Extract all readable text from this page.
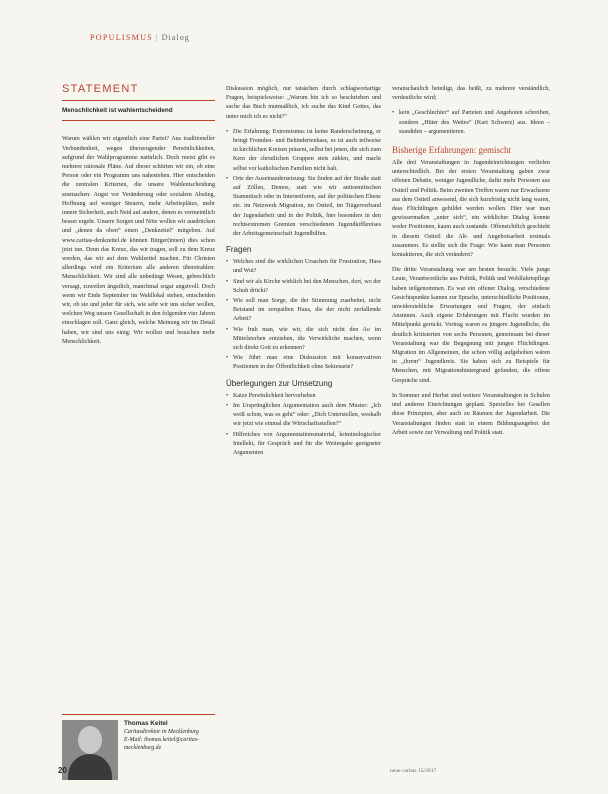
POPULISMUS | Dialog
STATEMENT
Menschlichkeit ist wahlentscheidend

Warum wählen wir eigentlich eine Partei? Aus traditioneller Verbundenheit, wegen überzeugender Persönlichkeiten, aufgrund der Wahlprogramme natürlich. Doch meist gibt es mehrere rationale Pläne. Auf dieser schürten wir ein, ob eine Person oder ein Programm uns nahestehen. Hier entscheiden die zentralen Kriterien, die unsere Wahlentscheidung ausmachen: Angst vor Veränderung oder sozialem Abstieg, Hoffnung auf weniger Steuern, mehr Arbeitsplätze, mehr innere Sicherheit, auch Neid auf andere, denen es vermeintlich besser ergeht. Unsere Sorgen und Nöte wollen wir ausdrücken und „denen da oben“ einen „Denkzettel“ mitgeben. Auf www.caritas-denkzettel.de können Bürger(innen) dies schon jetzt tun. Denn das Kreuz, das wir tragen, soll zu dem Kreuz werden, das wir auf dem Wahlzettel machen. Für Christen allerdings wird ein Kriterium alle anderen überstrahlen: Menschlichkeit. Wir sind alle unbedingt Wesen, gebrechlich versagt, zuweilen ängstlich, manchmal sogar angstvoll. Doch wenn wir Ende September im Wahllokal stehen, entscheiden wir, ob sie und jeder für sich, wie sehr wir uns sicher wollen, welchen Weg unsere Gesellschaft in den folgenden vier Jahren einschlagen soll. Ganz gleich, welche Meinung wir im Detail haben, wir sind uns einig: Wir wollen und brauchen mehr Menschlichkeit.

Thomas Keitel
Caritasdirektor in Mecklenburg
E-Mail: thomas.keitel@caritas-mecklenburg.de

Diskussion möglich, nur tatsächen durch schlagwortartige Fragen, beispielsweise: „Warum bin ich so beschrieben und suche das Buch mutmaßlich, ich suche das Kind Gottes, das unter mich ich es nicht?“

• Die Erfahrung: Extremismus ist keine Randerscheinung, er bringt Fremden- und Behindertenhass, es ist auch teilweise in kirchlichen Kreisen präsent, selbst bei jenen, die sich zum Kern der christlichen Gruppen stets zählen, und macht selbst vor katholischen Familien nicht halt.
• Orte der Auseinandersetzung: Sie finden auf der Straße statt auf Zöllen, Demos, statt wie wir antisemitischen Stammtisch oder in Internetforen, auf der politischen Ebene etc. im Netzwerk Migration, im Ostteil, im Trägerverband der Jugendarbeit und in der Politik, hier besonders in den rechtsextremen Gremien verschiedenen Jugendkiffkreises der Arbeitsgemeinschaft Jugendhilfen.
Fragen
• Welches sind die wirklichen Ursachen für Frustration, Hass und Wut?
• Sind wir als Kirche wirklich bei den Menschen, dort, wo der Schuh drückt?
• Wie soll man Sorge, die der Stimmung zuarbeitet, nicht Beistand im zerquälten Haus, die der nicht zerfallende Arbeit?
• Wie fruh man, wie wir, die sich nicht den Ao im Mittelsterben entziehen, die Verwirkliche machen, wenn sich direkt Gott zu erkennen?
• Wie führt man eine Diskussion mit konservativen Positionen in der Öffentlichkeit ohne Sektenarie?
Überlegungen zur Umsetzung
• Katze Persönlichkeit hervorheben
• Im Ursprünglichen Argumentation auch dem Muster: „Ich weiß schon, was es geht“ oder: „Dich Unterstellen, weshalb wir jetzt wie einmal die Wirtschaftsstellen?“
• Hilfreiches von Argumentationsmaterial, kriminologischer Intellekt, für Gespräch und für die Weitergabe geeigneter Argumenten

veranschaulich beteiligt, das heißt, zu mehrere verständlich, verdeutliche wird;

• kein „Geschlechter“ auf Parteien und Angeboten schreiben, sondern „Hüter des Wettes“ (Kurt Schwerz) aus. Ideen – standiden – argumentieren.
Bisherige Erfahrungen: gemischt

Alle drei Veranstaltungen in Jugendeinrichtungen verliefen unterschiedlich. Bei der ersten Veranstaltung gaben zwar offenen Debatte, weniger Jugendliche, dafür mehr Personen aus Ostteil und Politik. Beim zweiten Treffen waren nur Erwachsene aus dem Ostteil anwesend, die sich kurzfristig nicht lang waren, dass Flüchtlingen gebildet werden wollen. Hier war man gewissermaßen „unter sich“, ein wirklicher Dialog konnte weder Positionen, kaum auch zustande. Offensichtlich geschieht in diesem Ostteil die Alt- und Angebotsarbeit erstmals zusammen. Es stellte sich die Frage: Wie kann man Personen kontaktieren, die sich verändern?

Die dritte Veranstaltung war am besten besucht. Viele junge Leute, Verantwortliche aus Politik, Politik und Wohlfahrtspflege haben teilgenommen. Es war ein offener Dialog, verschiedene Gesichtspunkte kamen zur Sprache, unterschiedliche Positionen, unwiderstehliche Erwartungen und Fragen, der einfach Ansinnen. Auch eigene Erfahrungen mit Flucht wurden im Mittelpunkt gerückt. Vortrag waren es jüngere Jugendliche, die deutlich kritisierten von sechs Personen, gemeinsam bei dieser Veranstaltung war die Begegnung mit jungen Flüchtlingen. Migration im Allgemeinen, die schon völlig aufgehoben wären in „ihrem“ Jugendkreis. Sie haben sich zu Beispiele für Menschen, mit Migrationshintergrund gefunden, die offene Gespräche sind.

In Sommer und Herbst sind weitere Veranstaltungen in Schulen und anderen Einrichtungen geplant. Spezielles bei Gesellen diese Prinzipien, aber auch zu Räumen der Jugendarbeit. Die Veranstaltungen finden statt in einem Bildungsangebot der Arbeit sowie zur Verwaltung und Politik statt.

20	neue caritas 15/2017
